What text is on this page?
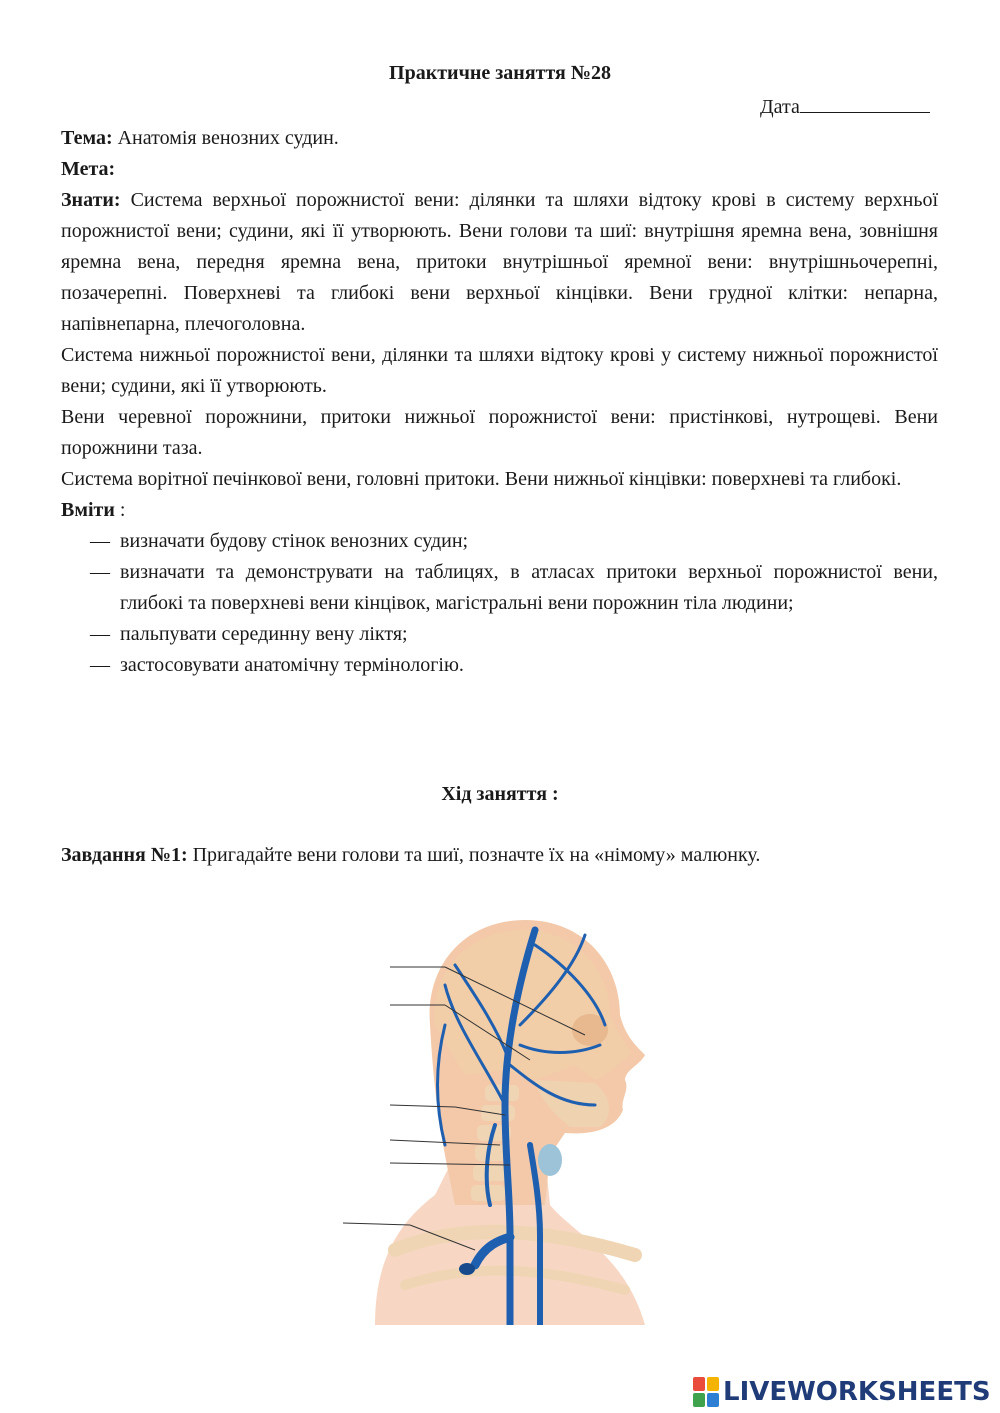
Практичне заняття №28
Дата

Тема: Анатомія венозних судин.

Мета:

Знати: Система верхньої порожнистої вени: ділянки та шляхи відтоку крові в систему верхньої порожнистої вени; судини, які її утворюють. Вени голови та шиї: внутрішня яремна вена, зовнішня яремна вена, передня яремна вена, притоки внутрішньої яремної вени: внутрішньочерепні, позачерепні. Поверхневі та глибокі вени верхньої кінцівки. Вени грудної клітки: непарна, напівнепарна, плечоголовна.

Система нижньої порожнистої вени, ділянки та шляхи відтоку крові у систему нижньої порожнистої вени; судини, які її утворюють.

Вени черевної порожнини, притоки нижньої порожнистої вени: пристінкові, нутрощеві. Вени порожнини таза.

Система ворітної печінкової вени, головні притоки. Вени нижньої кінцівки: поверхневі та глибокі.

Вміти :

— визначати будову стінок венозних судин;
— визначати та демонструвати на таблицях, в атласах притоки верхньої порожнистої вени, глибокі та поверхневі вени кінцівок, магістральні вени порожнин тіла людини;
— пальпувати серединну вену ліктя;
— застосовувати анатомічну термінологію.
Хід заняття :
Завдання №1: Пригадайте вени голови та шиї, позначте їх на «німому» малюнку.
LIVEWORKSHEETS
